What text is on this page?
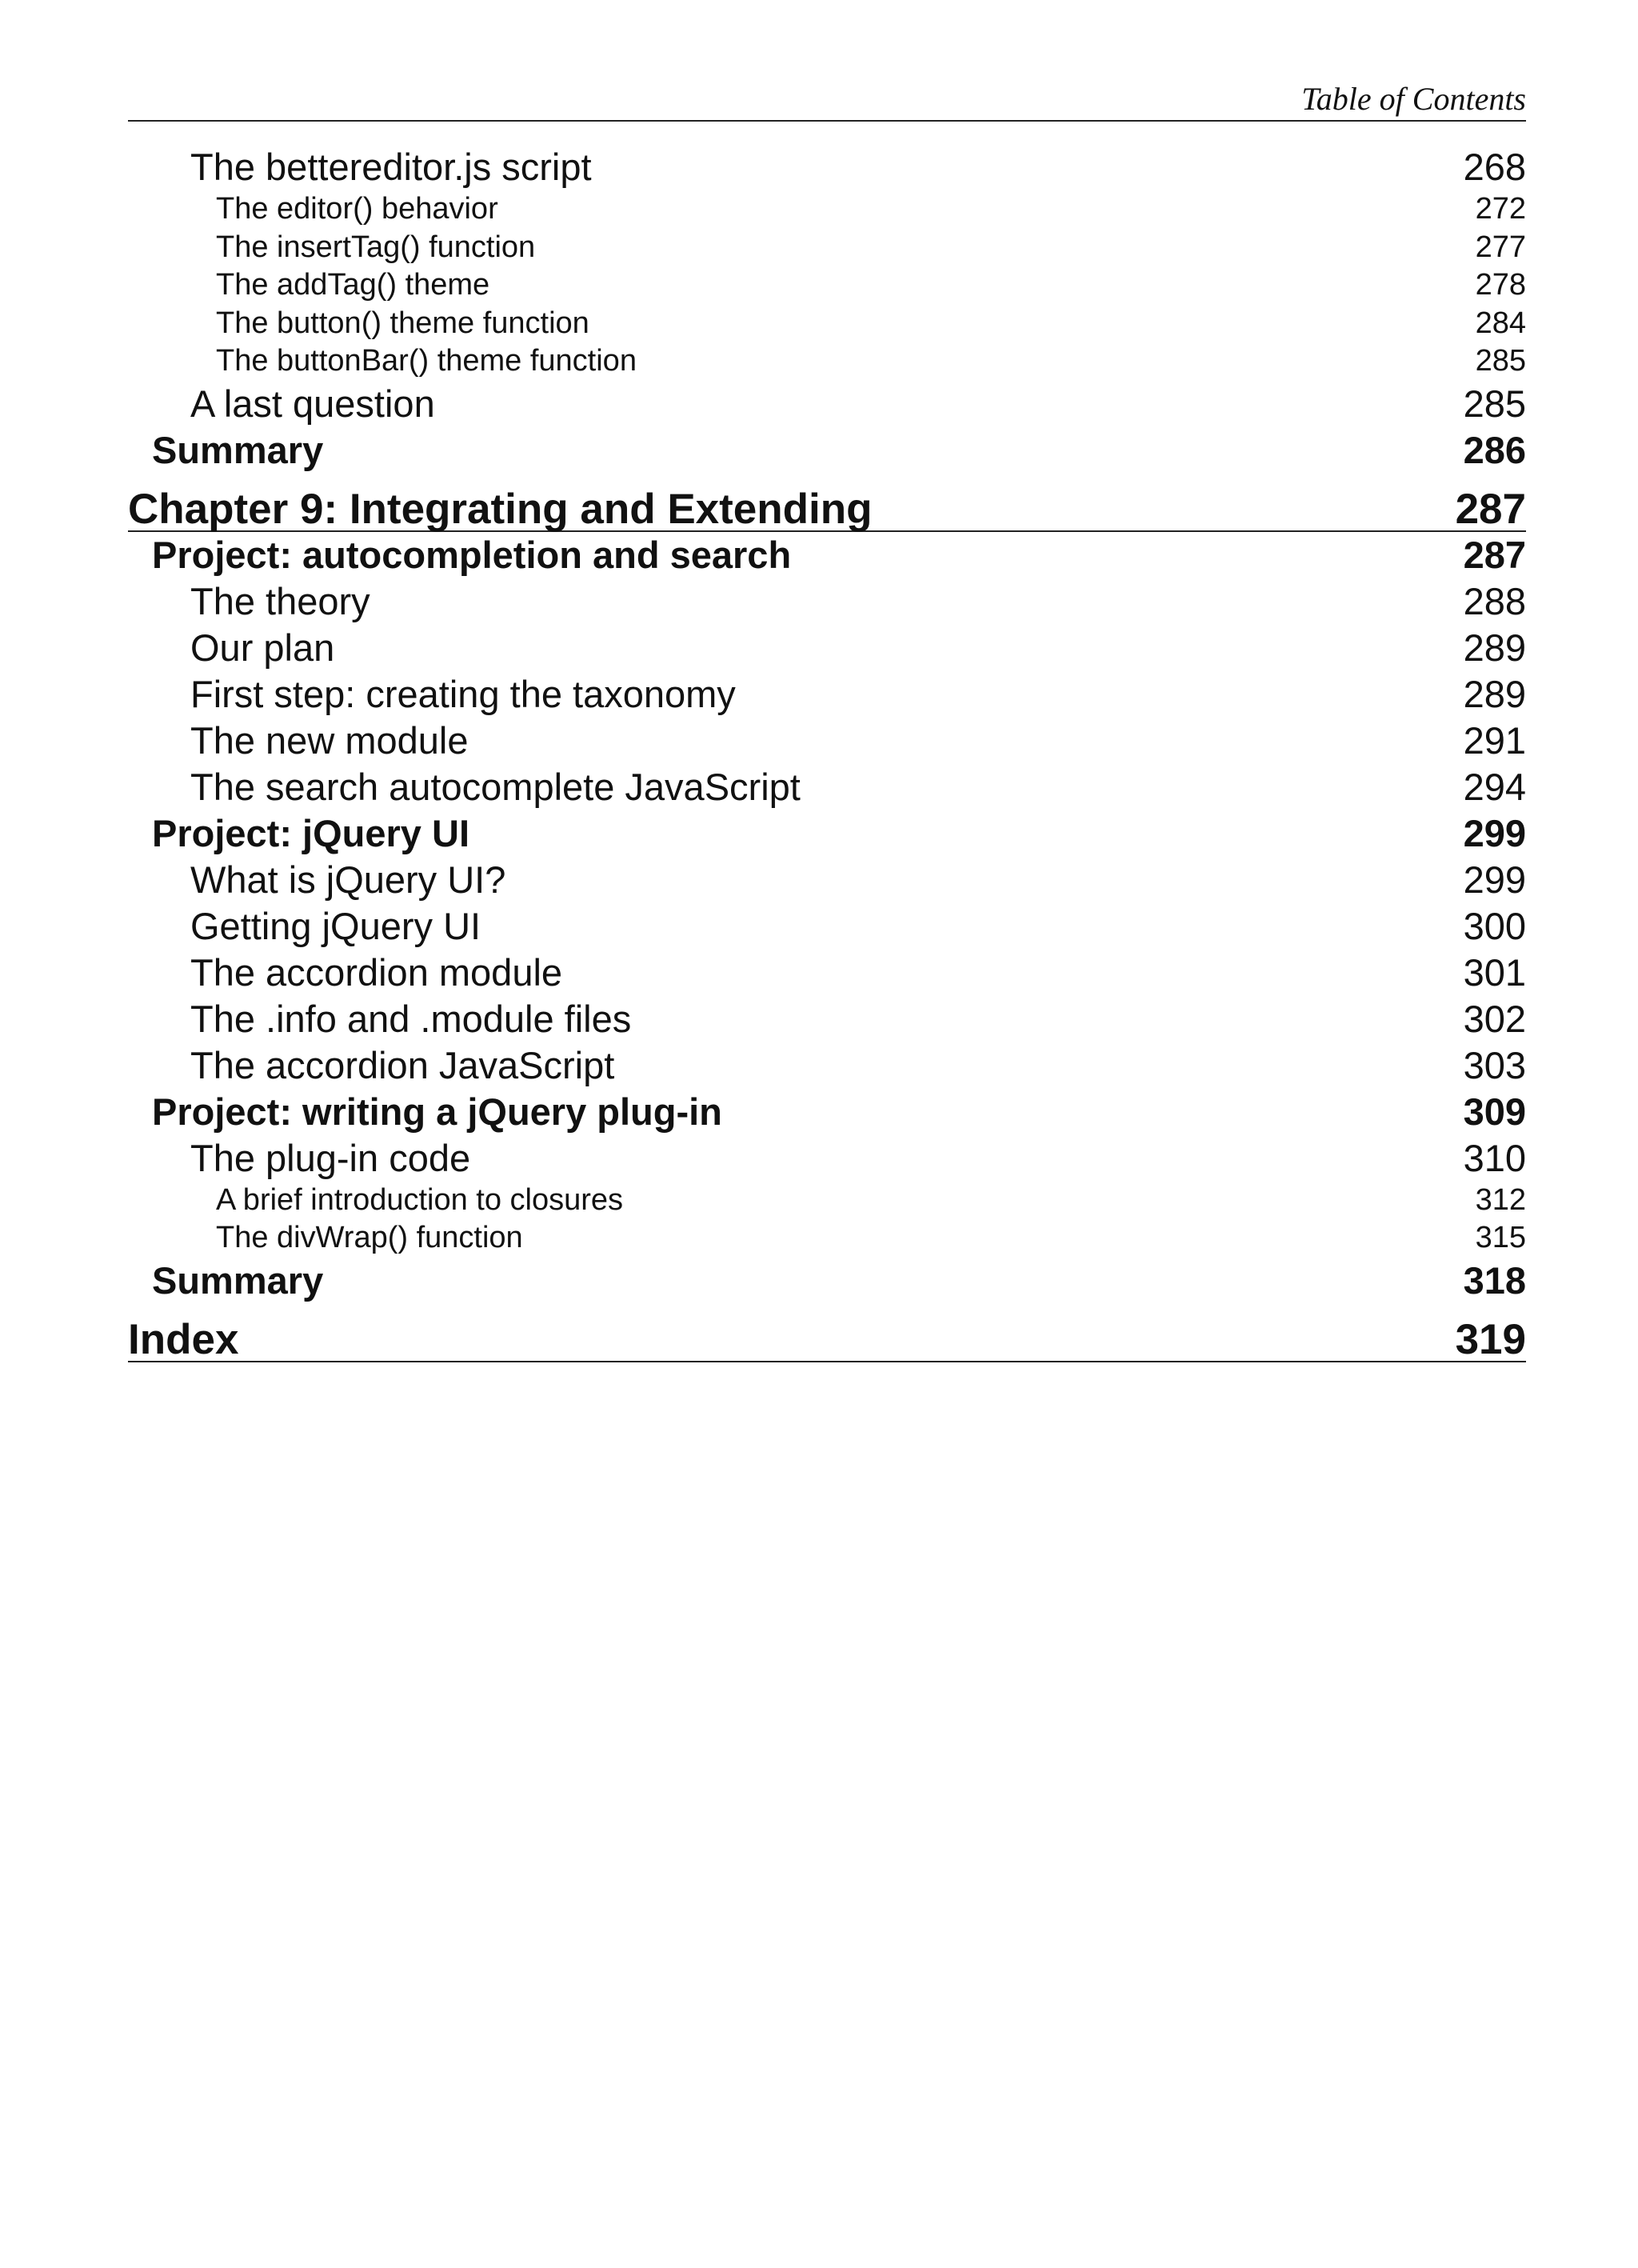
Table of Contents
The bettereditor.js script	268
The editor() behavior	272
The insertTag() function	277
The addTag() theme	278
The button() theme function	284
The buttonBar() theme function	285
A last question	285
Summary	286
Chapter 9: Integrating and Extending	287
Project: autocompletion and search	287
The theory	288
Our plan	289
First step: creating the taxonomy	289
The new module	291
The search autocomplete JavaScript	294
Project: jQuery UI	299
What is jQuery UI?	299
Getting jQuery UI	300
The accordion module	301
The .info and .module files	302
The accordion JavaScript	303
Project: writing a jQuery plug-in	309
The plug-in code	310
A brief introduction to closures	312
The divWrap() function	315
Summary	318
Index	319
